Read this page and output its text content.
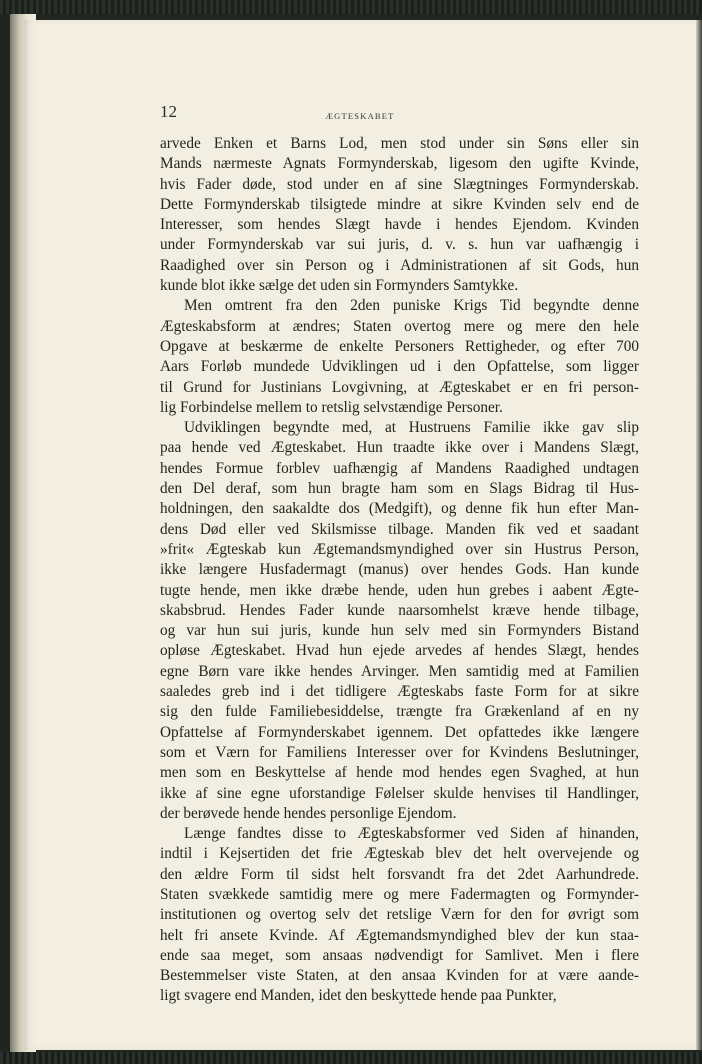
12	ÆGTESKABET
arvede Enken et Barns Lod, men stod under sin Søns eller sin
Mands nærmeste Agnats Formynderskab, ligesom den ugifte Kvinde,
hvis Fader døde, stod under en af sine Slægtninges Formynderskab.
Dette Formynderskab tilsigtede mindre at sikre Kvinden selv end de
Interesser, som hendes Slægt havde i hendes Ejendom. Kvinden
under Formynderskab var sui juris, d. v. s. hun var uafhængig i
Raadighed over sin Person og i Administrationen af sit Gods, hun
kunde blot ikke sælge det uden sin Formynders Samtykke.
Men omtrent fra den 2den puniske Krigs Tid begyndte denne
Ægteskabsform at ændres; Staten overtog mere og mere den hele
Opgave at beskærme de enkelte Personers Rettigheder, og efter 700
Aars Forløb mundede Udviklingen ud i den Opfattelse, som ligger
til Grund for Justinians Lovgivning, at Ægteskabet er en fri person-
lig Forbindelse mellem to retslig selvstændige Personer.
Udviklingen begyndte med, at Hustruens Familie ikke gav slip
paa hende ved Ægteskabet. Hun traadte ikke over i Mandens Slægt,
hendes Formue forblev uafhængig af Mandens Raadighed undtagen
den Del deraf, som hun bragte ham som en Slags Bidrag til Hus-
holdningen, den saakaldte dos (Medgift), og denne fik hun efter Man-
dens Død eller ved Skilsmisse tilbage. Manden fik ved et saadant
»frit« Ægteskab kun Ægtemandsmyndighed over sin Hustrus Person,
ikke længere Husfadermagt (manus) over hendes Gods. Han kunde
tugte hende, men ikke dræbe hende, uden hun grebes i aabent Ægte-
skabsbrud. Hendes Fader kunde naarsomhelst kræve hende tilbage,
og var hun sui juris, kunde hun selv med sin Formynders Bistand
opløse Ægteskabet. Hvad hun ejede arvedes af hendes Slægt, hendes
egne Børn vare ikke hendes Arvinger. Men samtidig med at Familien
saaledes greb ind i det tidligere Ægteskabs faste Form for at sikre
sig den fulde Familiebesiddelse, trængte fra Grækenland af en ny
Opfattelse af Formynderskabet igennem. Det opfattedes ikke længere
som et Værn for Familiens Interesser over for Kvindens Beslutninger,
men som en Beskyttelse af hende mod hendes egen Svaghed, at hun
ikke af sine egne uforstandige Følelser skulde henvises til Handlinger,
der berøvede hende hendes personlige Ejendom.
Længe fandtes disse to Ægteskabsformer ved Siden af hinanden,
indtil i Kejsertiden det frie Ægteskab blev det helt overvejende og
den ældre Form til sidst helt forsvandt fra det 2det Aarhundrede.
Staten svækkede samtidig mere og mere Fadermagten og Formynder-
institutionen og overtog selv det retslige Værn for den for øvrigt som
helt fri ansete Kvinde. Af Ægtemandsmyndighed blev der kun staa-
ende saa meget, som ansaas nødvendigt for Samlivet. Men i flere
Bestemmelser viste Staten, at den ansaa Kvinden for at være aande-
ligt svagere end Manden, idet den beskyttede hende paa Punkter,
